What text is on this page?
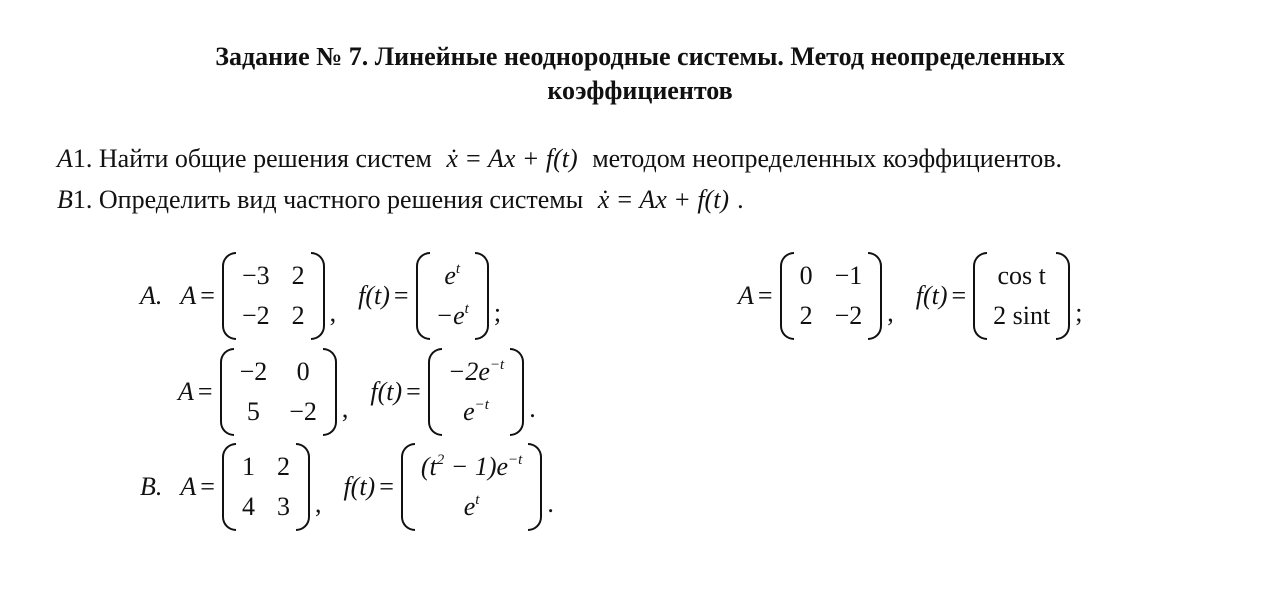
Задание № 7. Линейные неоднородные системы. Метод неопределенных
коэффициентов
A1. Найти общие решения систем ẋ = Ax + f(t) методом неопределенных коэффициентов.
B1. Определить вид частного решения системы ẋ = Ax + f(t) .
A. A =
−3 2
−2 2 ,
f(t) =
$e^t$
$-e^t$ ;
A =
0 −1
2 −2 ,
f(t) =
cos t
2 sint ;
A =
−2 0
5 −2 ,
f(t) =
$-2e^{-t}$
$e^{-t}$ .
B. A =
1 2
4 3 ,
f(t) =
$(t^2 - 1)e^{-t}$
$e^t$	.
